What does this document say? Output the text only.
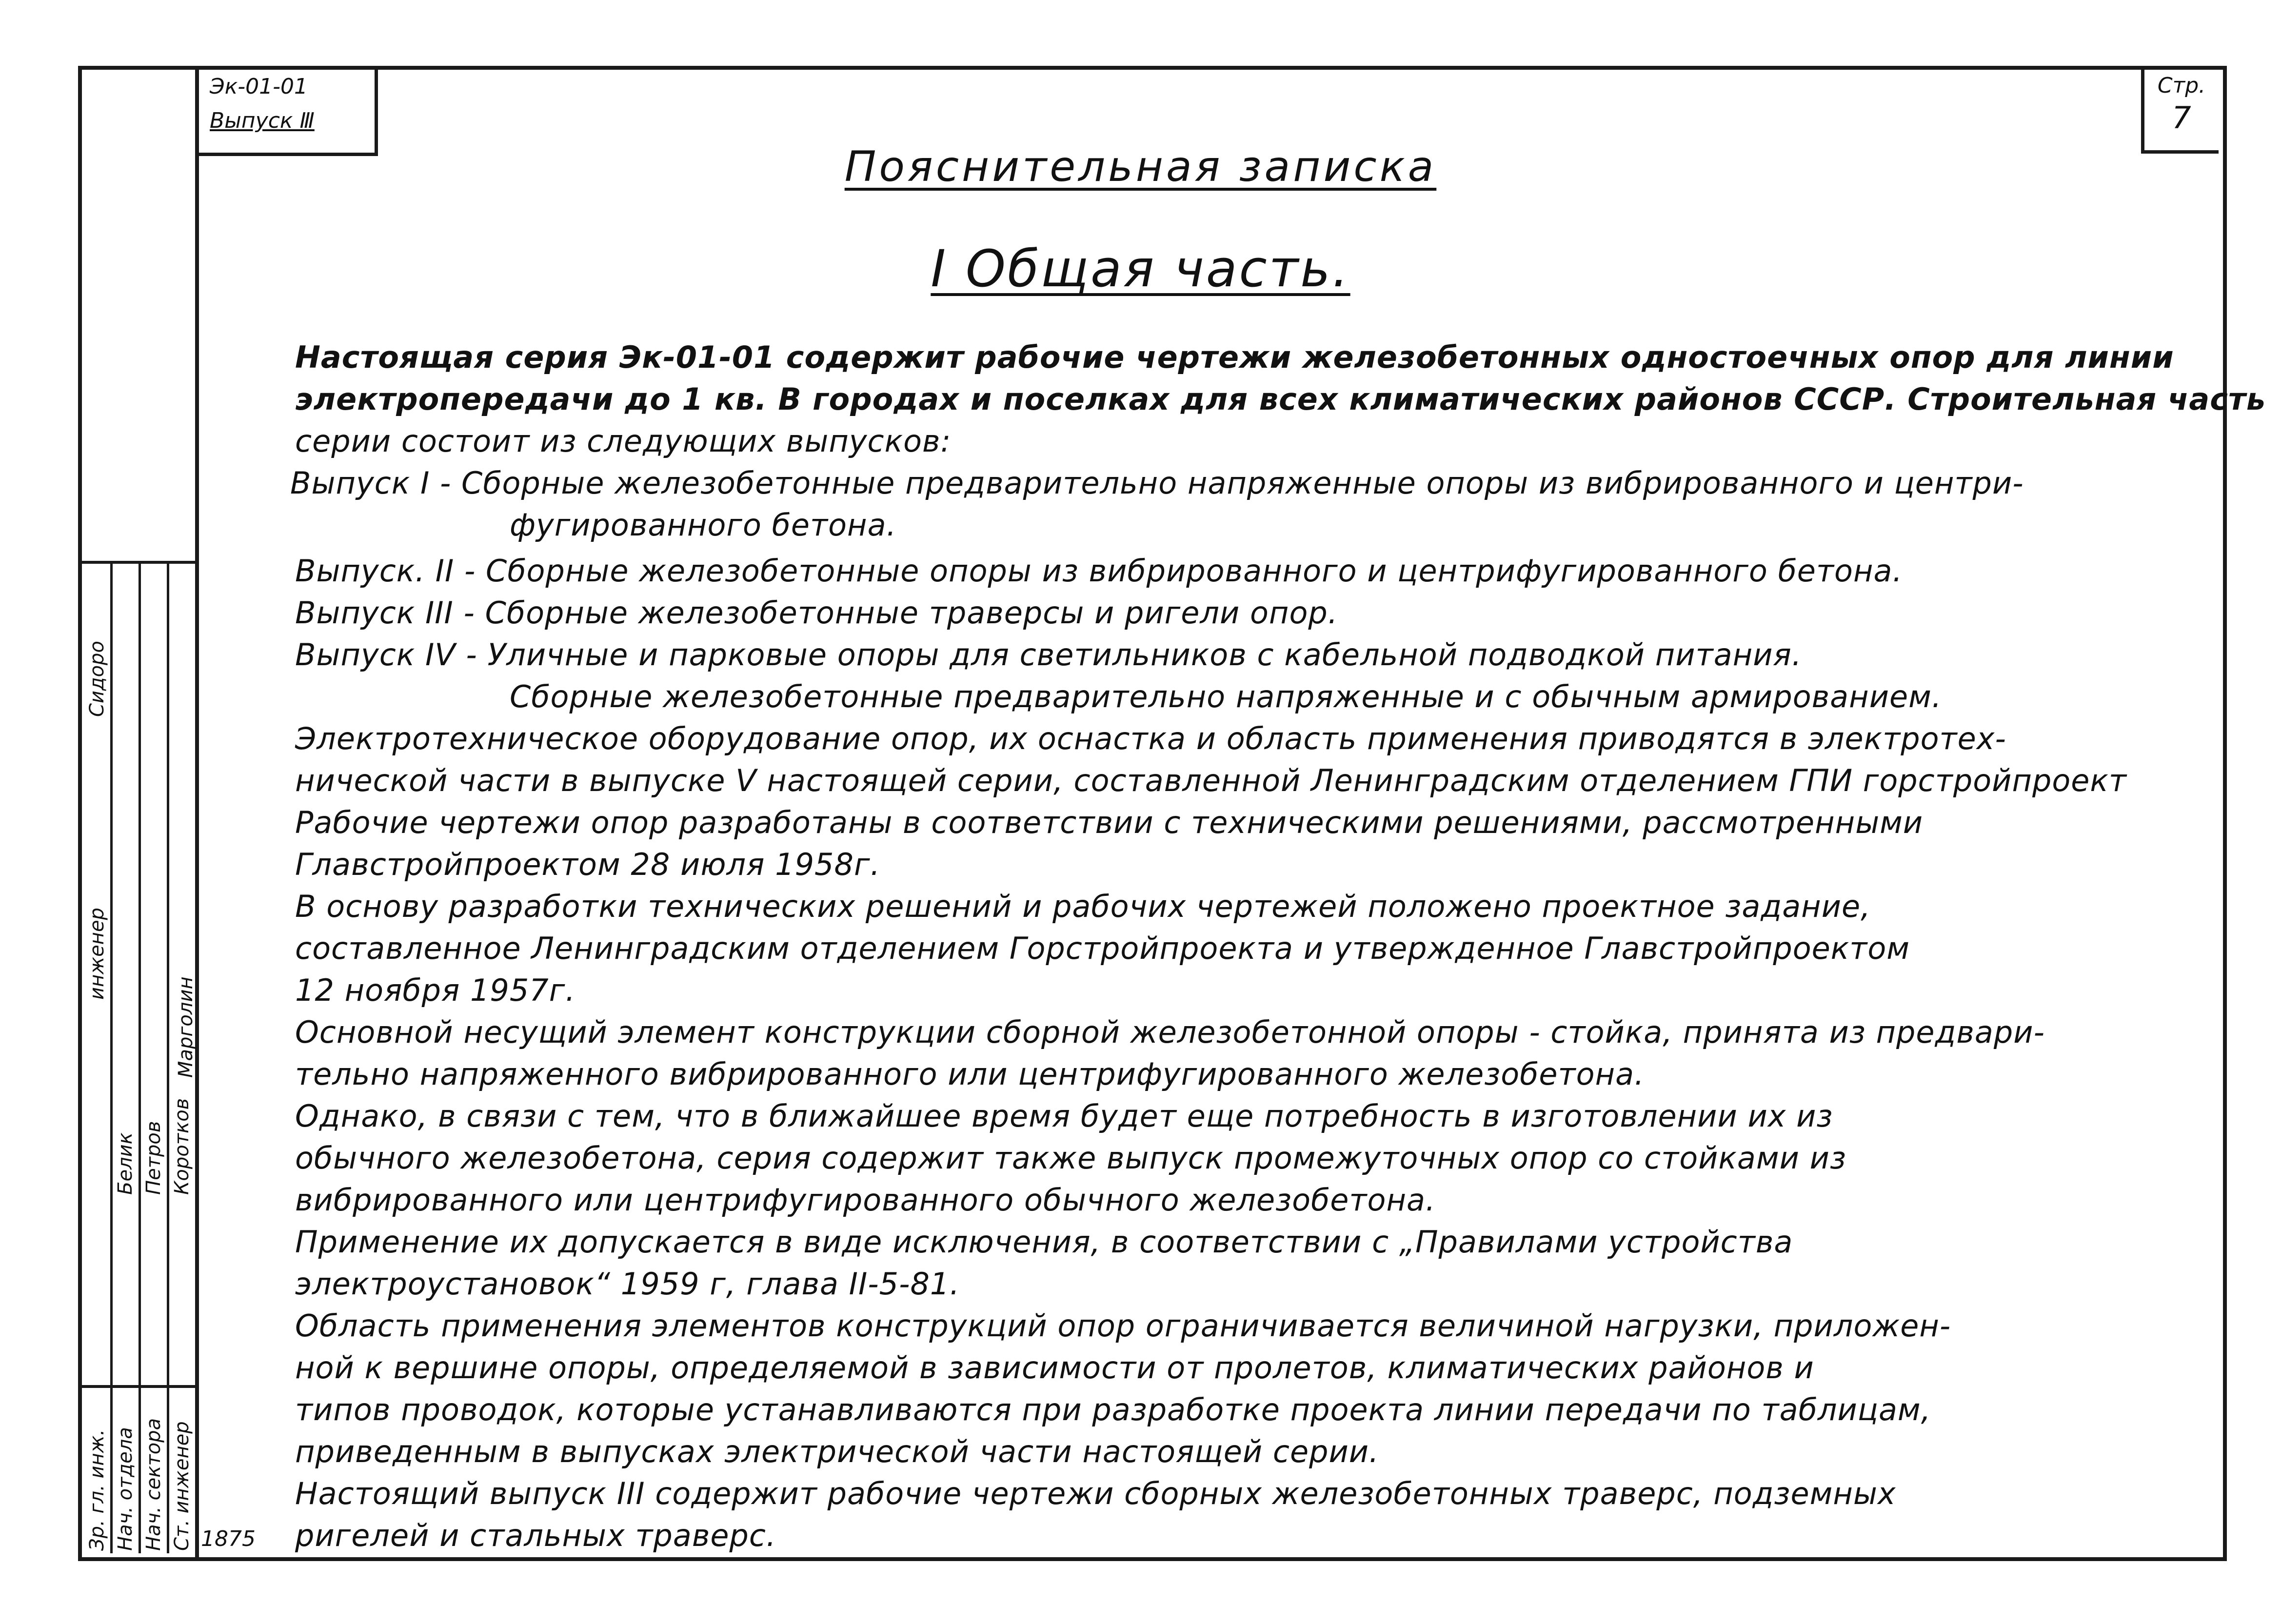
Эк-01-01
Выпуск Ⅲ
Стр.
7
Пояснительная записка
I Общая часть.
Настоящая серия Эк-01-01 содержит рабочие чертежи железобетонных одностоечных опор для линии
электропередачи до 1 кв. В городах и поселках для всех климатических районов СССР. Строительная часть
серии состоит из следующих выпусков:
Выпуск I - Сборные железобетонные предварительно напряженные опоры из вибрированного и центри-
фугированного бетона.
Выпуск. II - Сборные железобетонные опоры из вибрированного и центрифугированного бетона.
Выпуск III - Сборные железобетонные траверсы и ригели опор.
Выпуск IV - Уличные и парковые опоры для светильников с кабельной подводкой питания.
Сборные железобетонные предварительно напряженные и с обычным армированием.
Электротехническое оборудование опор, их оснастка и область применения приводятся в электротех-
нической части в выпуске V настоящей серии, составленной Ленинградским отделением ГПИ горстройпроект
Рабочие чертежи опор разработаны в соответствии с техническими решениями, рассмотренными
Главстройпроектом 28 июля 1958г.
В основу разработки технических решений и рабочих чертежей положено проектное задание,
составленное Ленинградским отделением Горстройпроекта и утвержденное Главстройпроектом
12 ноября 1957г.
Основной несущий элемент конструкции сборной железобетонной опоры - стойка, принята из предвари-
тельно напряженного вибрированного или центрифугированного железобетона.
Однако, в связи с тем, что в ближайшее время будет еще потребность в изготовлении их из
обычного железобетона, серия содержит также выпуск промежуточных опор со стойками из
вибрированного или центрифугированного обычного железобетона.
Применение их допускается в виде исключения, в соответствии с „Правилами устройства
электроустановок“ 1959 г, глава II-5-81.
Область применения элементов конструкций опор ограничивается величиной нагрузки, приложен-
ной к вершине опоры, определяемой в зависимости от пролетов, климатических районов и
типов проводок, которые устанавливаются при разработке проекта линии передачи по таблицам,
приведенным в выпусках электрической части настоящей серии.
Настоящий выпуск III содержит рабочие чертежи сборных железобетонных траверс, подземных
ригелей и стальных траверс.
инженер
Сидоро
Зр. гл. инж. Нач. отдела Нач. сектора Ст. инженер
Белик Петров Коротков
Марголин
1875
